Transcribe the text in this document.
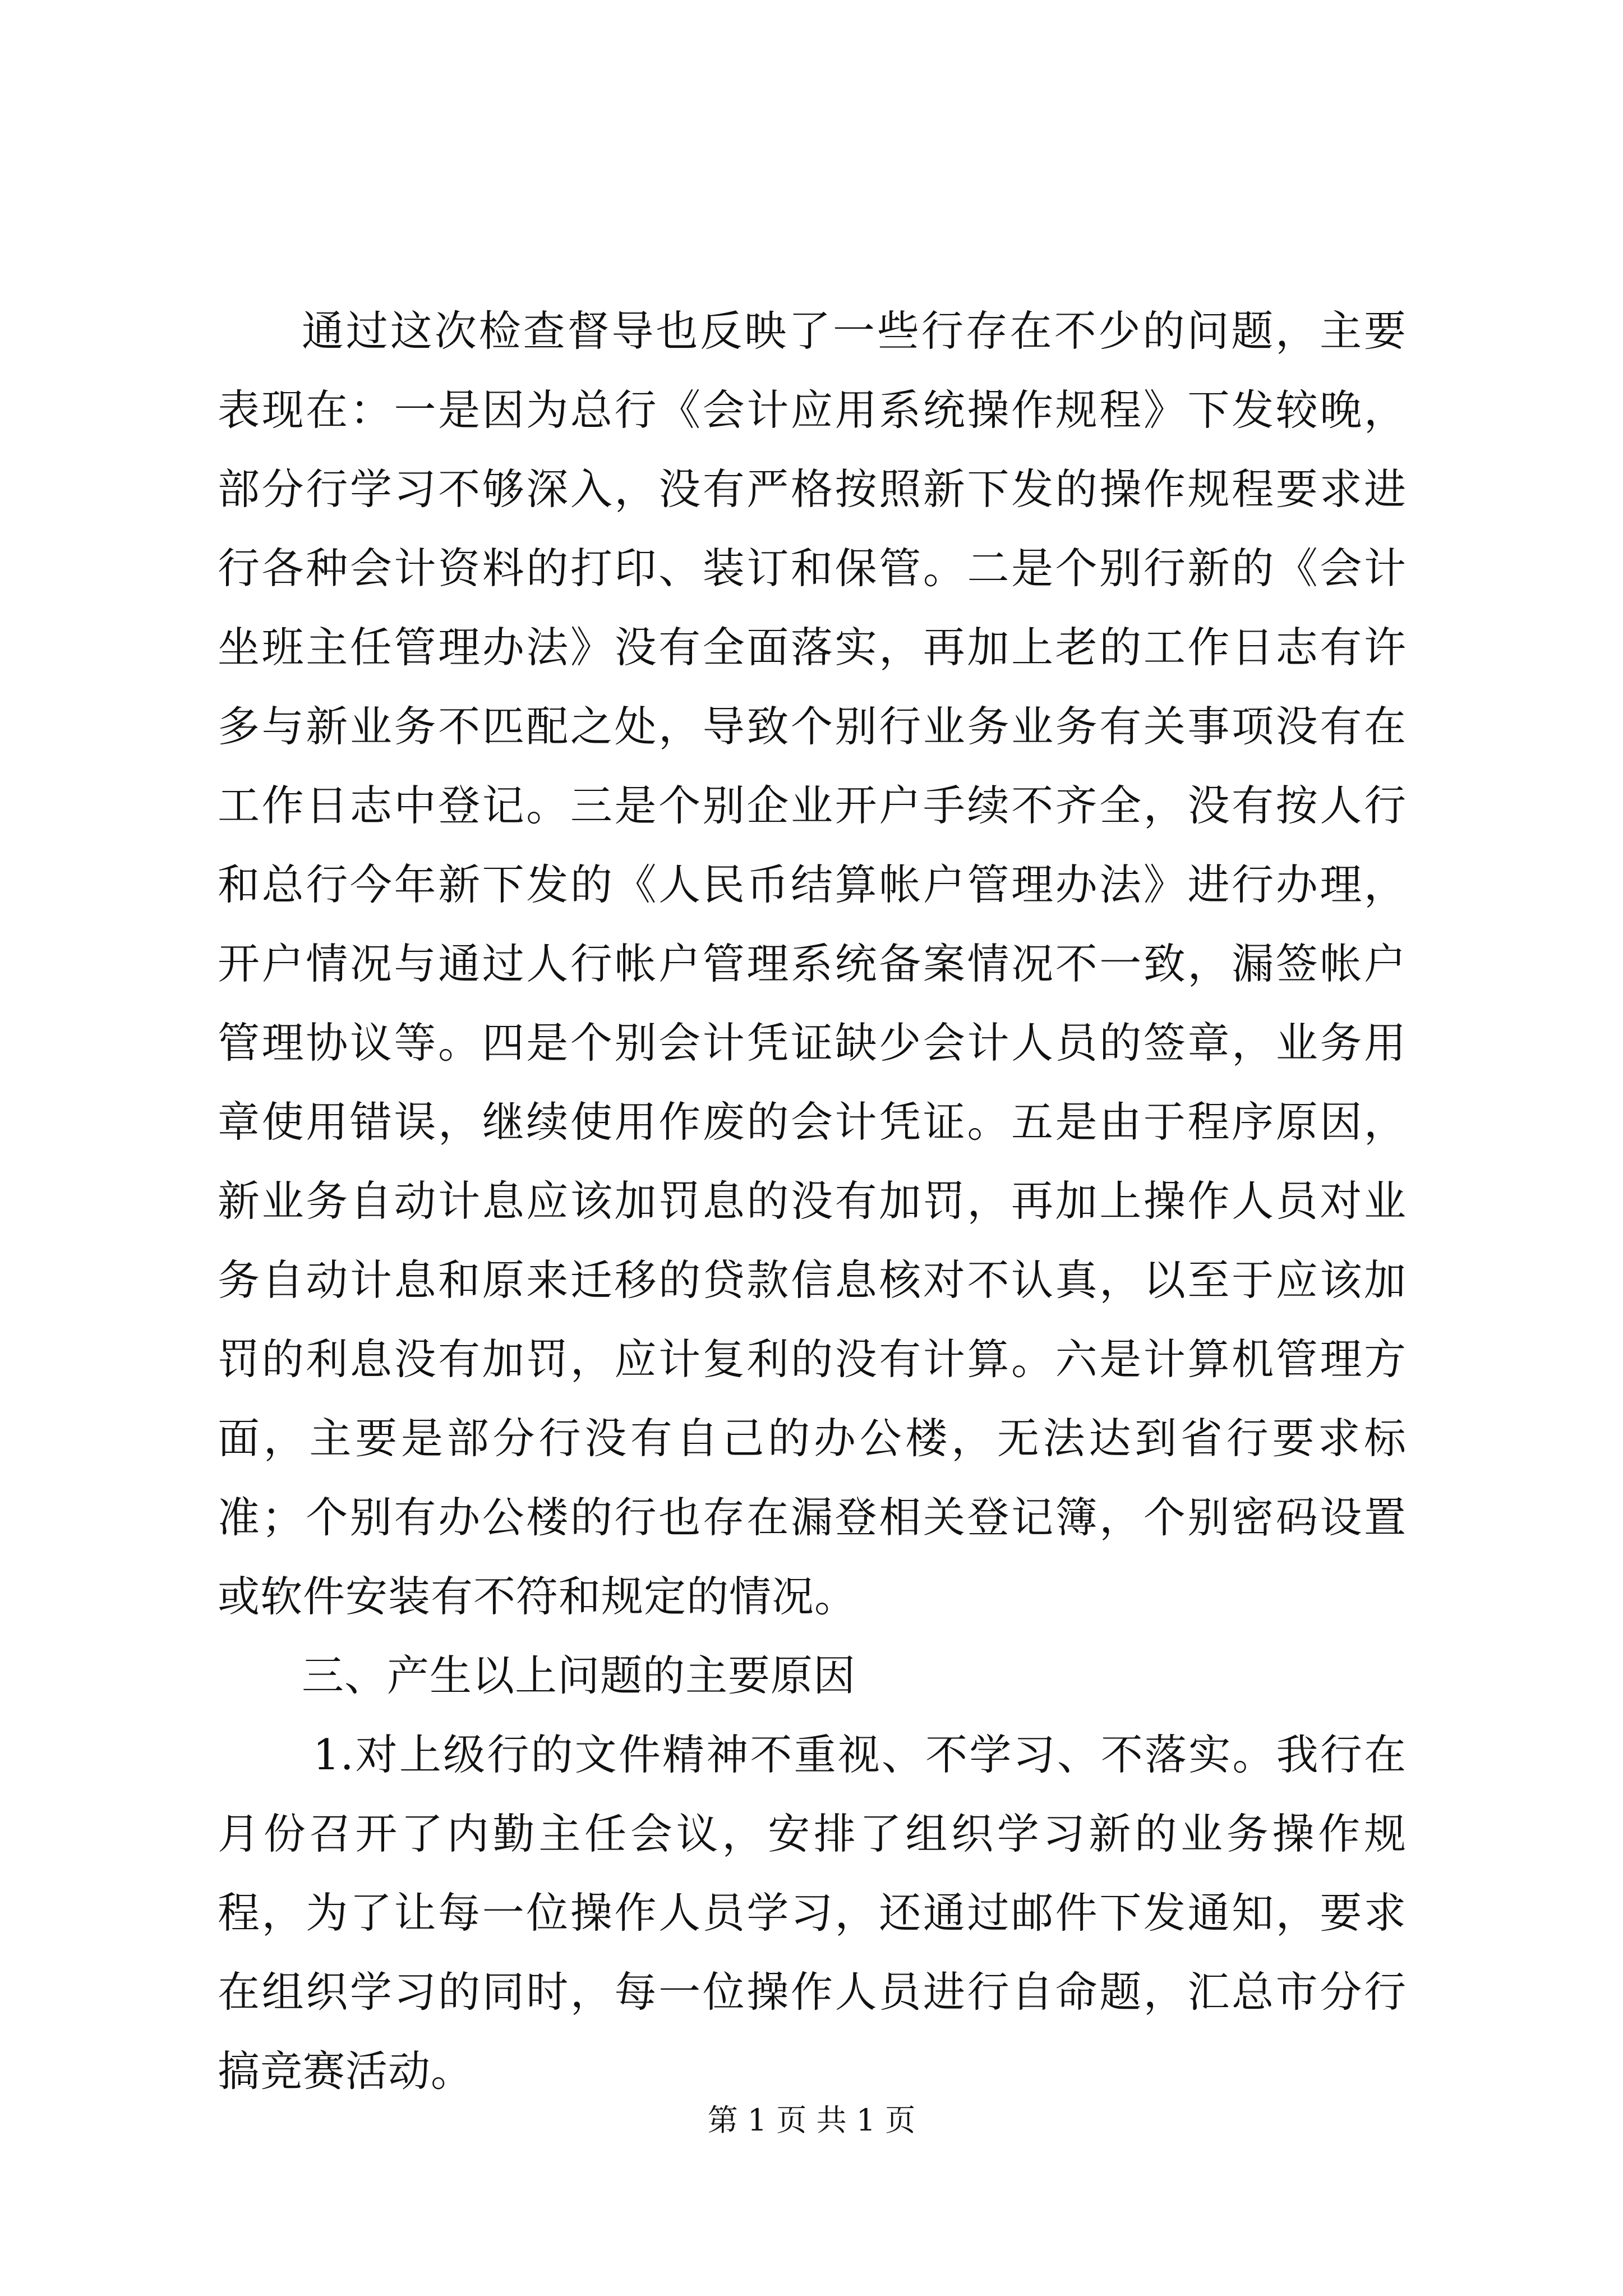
通过这次检查督导也反映了一些行存在不少的问题，主要表现在：一是因为总行《会计应用系统操作规程》下发较晚，部分行学习不够深入，没有严格按照新下发的操作规程要求进行各种会计资料的打印、装订和保管。二是个别行新的《会计坐班主任管理办法》没有全面落实，再加上老的工作日志有许多与新业务不匹配之处，导致个别行业务业务有关事项没有在工作日志中登记。三是个别企业开户手续不齐全，没有按人行和总行今年新下发的《人民币结算帐户管理办法》进行办理，开户情况与通过人行帐户管理系统备案情况不一致，漏签帐户管理协议等。四是个别会计凭证缺少会计人员的签章，业务用章使用错误，继续使用作废的会计凭证。五是由于程序原因，新业务自动计息应该加罚息的没有加罚，再加上操作人员对业务自动计息和原来迁移的贷款信息核对不认真，以至于应该加罚的利息没有加罚，应计复利的没有计算。六是计算机管理方面，主要是部分行没有自己的办公楼，无法达到省行要求标准；个别有办公楼的行也存在漏登相关登记簿，个别密码设置或软件安装有不符和规定的情况。

三、产生以上问题的主要原因

1.对上级行的文件精神不重视、不学习、不落实。我行在月份召开了内勤主任会议，安排了组织学习新的业务操作规程，为了让每一位操作人员学习，还通过邮件下发通知，要求在组织学习的同时，每一位操作人员进行自命题，汇总市分行搞竞赛活动。

第 1 页 共 1 页
